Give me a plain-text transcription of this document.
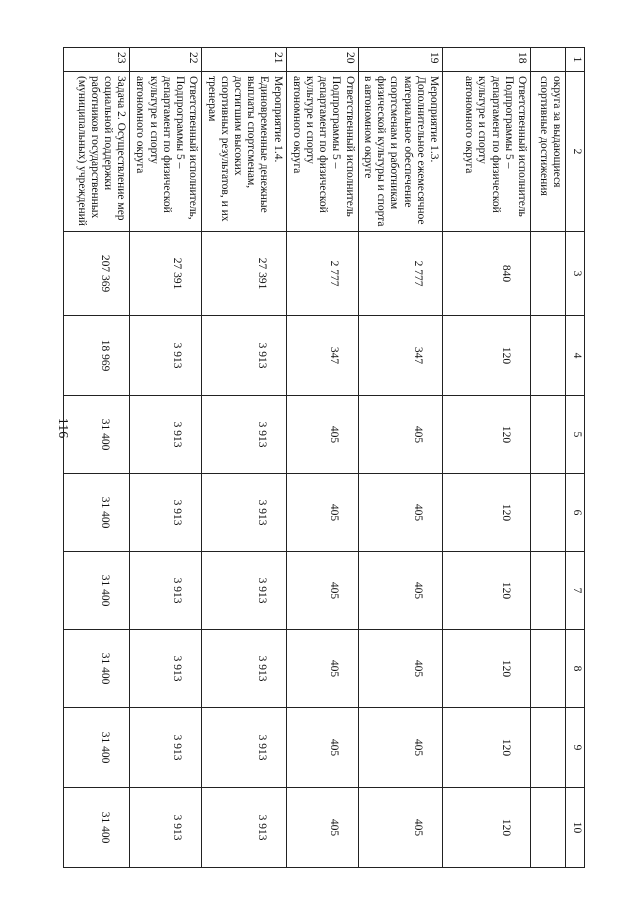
116
1	2	3	4	5	6	7	8	9	10
	округа за выдающиеся спортивные достижения								
18	Ответственный исполнитель Подпрограммы 5 – департамент по физической культуре и спорту автономного округа	840	120	120	120	120	120	120	120
19	Мероприятие 1.3. Дополнительное ежемесячное материальное обеспечение спортсменам и работникам физической культуры и спорта в автономном округе	2 777	347	405	405	405	405	405	405
20	Ответственный исполнитель Подпрограммы 5 – департамент по физической культуре и спорту автономного округа	2 777	347	405	405	405	405	405	405
21	Мероприятие 1.4. Единовременные денежные выплаты спортсменам, достигшим высоких спортивных результатов, и их тренерам	27 391	3 913	3 913	3 913	3 913	3 913	3 913	3 913
22	Ответственный исполнитель, Подпрограммы 5 – департамент по физической культуре и спорту автономного округа	27 391	3 913	3 913	3 913	3 913	3 913	3 913	3 913
23	Задача 2. Осуществление мер социальной поддержки работников государственных (муниципальных) учреждений	207 369	18 969	31 400	31 400	31 400	31 400	31 400	31 400
